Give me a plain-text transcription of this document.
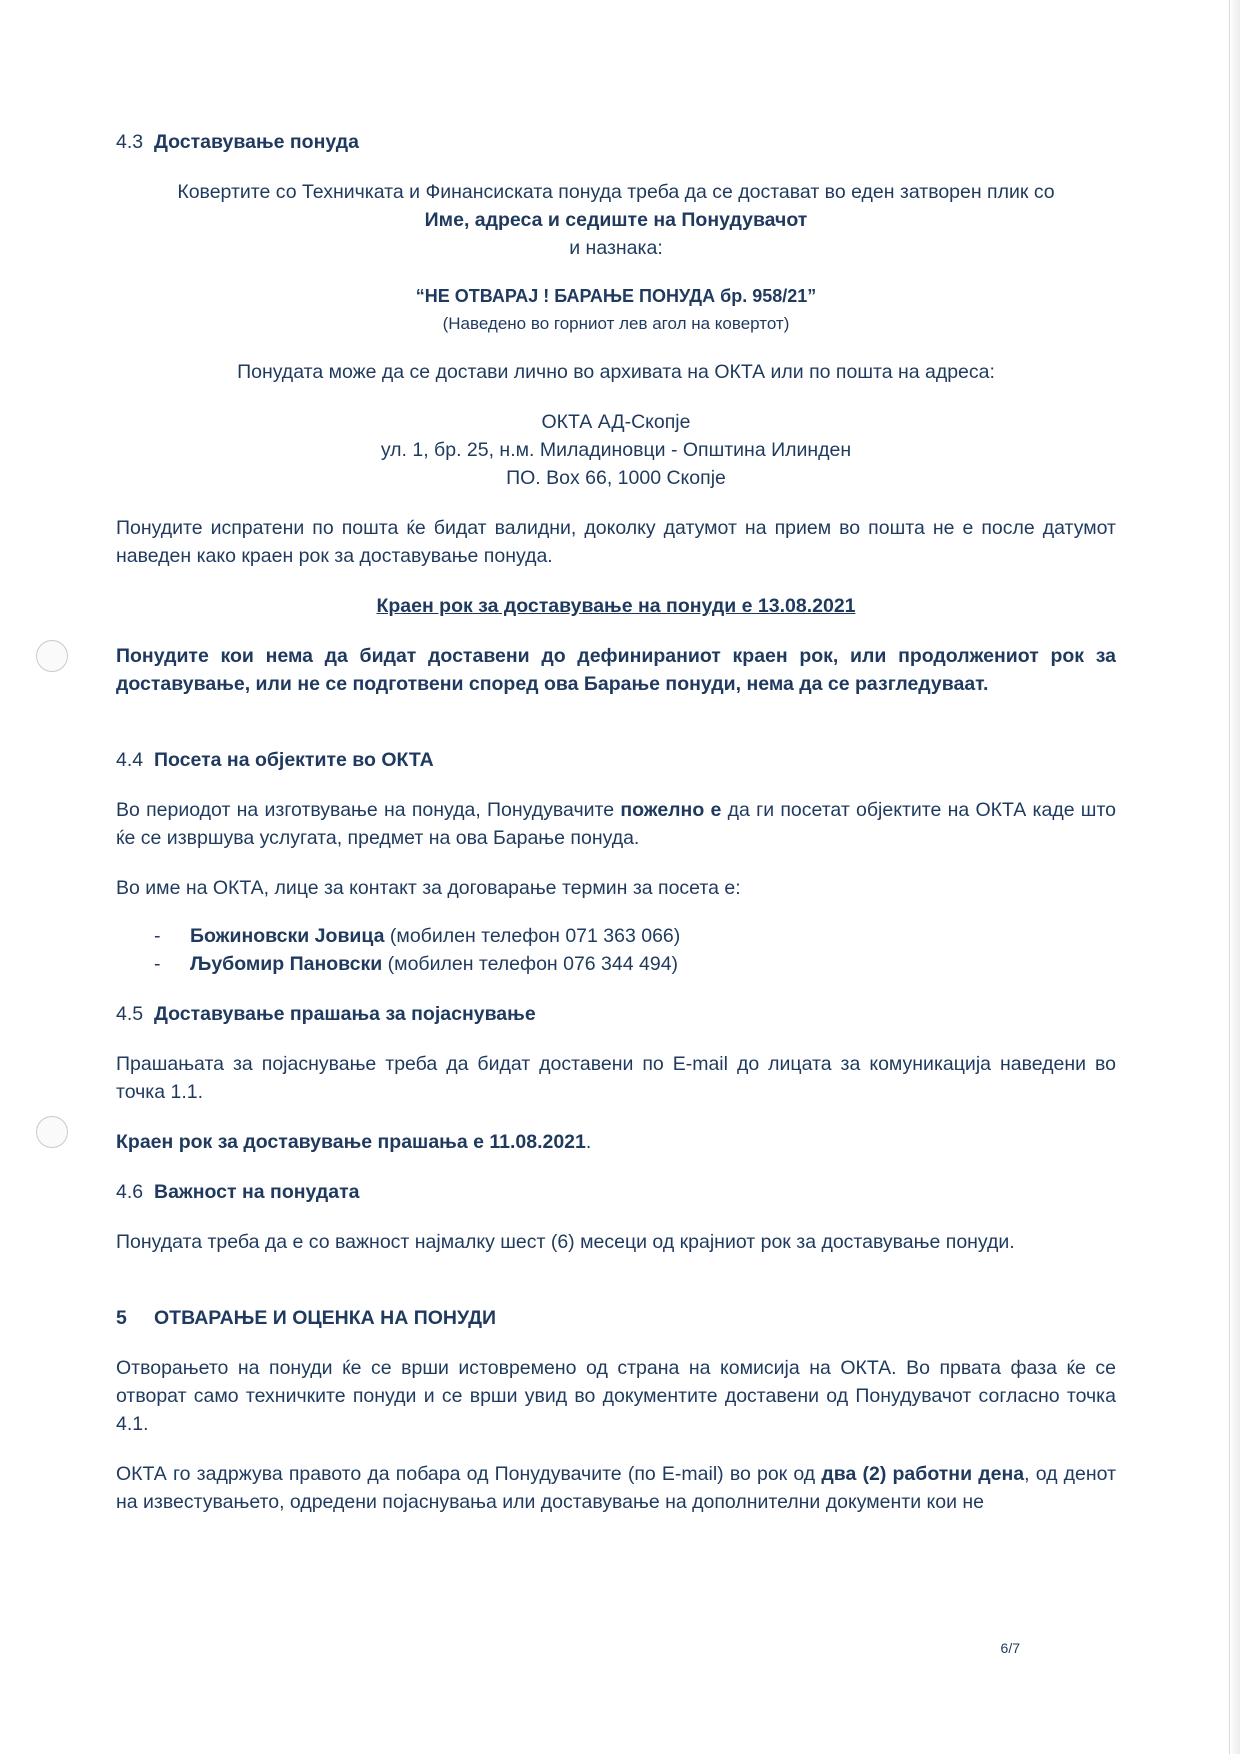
4.3 Доставување понуда

Ковертите со Техничката и Финансиската понуда треба да се достават во еден затворен плик со

Име, адреса и седиште на Понудувачот

и назнака:

“НЕ ОТВАРАЈ ! БАРАЊЕ ПОНУДА бр. 958/21”

(Наведено во горниот лев агол на ковертот)

Понудата може да се достави лично во архивата на ОКТА или по пошта на адреса:

ОКТА АД-Скопје

ул. 1, бр. 25, н.м. Миладиновци - Општина Илинден

ПО. Box 66, 1000 Скопје

Понудите испратени по пошта ќе бидат валидни, доколку датумот на прием во пошта не е после датумот наведен како краен рок за доставување понуда.

Краен рок за доставување на понуди е 13.08.2021

Понудите кои нема да бидат доставени до дефинираниот краен рок, или продолжениот рок за доставување, или не се подготвени според ова Барање понуди, нема да се разгледуваат.

4.4 Посета на објектите во ОКТА

Во периодот на изготвување на понуда, Понудувачите пожелно е да ги посетат објектите на ОКТА каде што ќе се извршува услугата, предмет на ова Барање понуда.

Во име на ОКТА, лице за контакт за договарање термин за посета е:

- Божиновски Јовица (мобилен телефон 071 363 066)
- Љубомир Пановски (мобилен телефон 076 344 494)
4.5 Доставување прашања за појаснување

Прашањата за појаснување треба да бидат доставени по E-mail до лицата за комуникација наведени во точка 1.1.

Краен рок за доставување прашања е 11.08.2021.

4.6 Важност на понудата

Понудата треба да е со важност најмалку шест (6) месеци од крајниот рок за доставување понуди.

5	ОТВАРАЊЕ И ОЦЕНКА НА ПОНУДИ

Отворањето на понуди ќе се врши истовремено од страна на комисија на ОКТА. Во првата фаза ќе се отворат само техничките понуди и се врши увид во документите доставени од Понудувачот согласно точка 4.1.

ОКТА го задржува правото да побара од Понудувачите (по E-mail) во рок од два (2) работни дена, од денот на известувањето, одредени појаснувања или доставување на дополнителни документи кои не

6/7
